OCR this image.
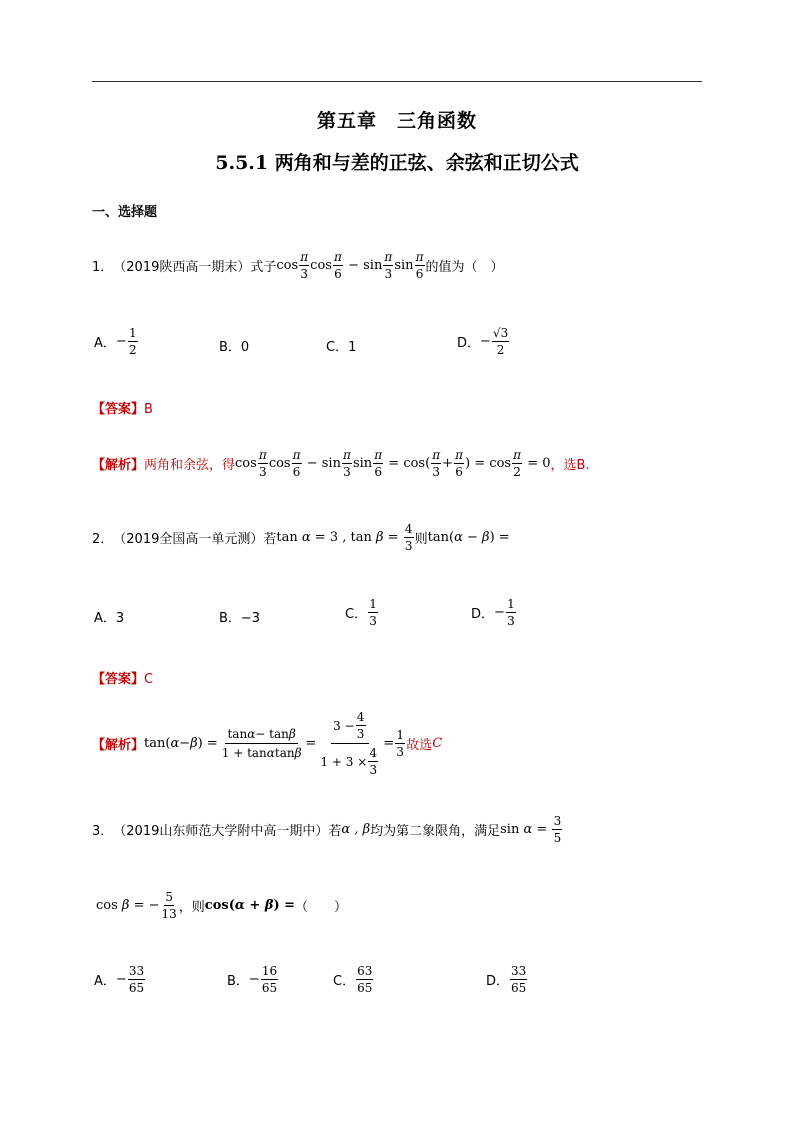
第五章　三角函数
5.5.1 两角和与差的正弦、余弦和正切公式
一、选择题
1． （2019陕西高一期末） 式子 $\cos \frac{\pi}{3}$ $\cos \frac{\pi}{6} - \sin \frac{\pi}{3}$ $\sin \frac{\pi}{6}$ 的值为（　）
A． − $\frac{1}{2}$	B．0	C．1	D． − $\frac{√3}{2}$
【答案】B
【解析】 两角和余弦，得 $\cos \frac{\pi}{3}$ $\cos \frac{\pi}{6} - \sin \frac{\pi}{3}$ $\sin \frac{\pi}{6} = \cos( \frac{\pi}{3} + \frac{\pi}{6}$ ) = $\cos \frac{\pi}{2} = 0$ ，选B.
2． （2019全国高一单元测） 若 tan α = 3 , $\tan \beta = \frac{4}{3}$ 则 tan(α − β) =
A．3	B．−3	C． $\frac{1}{3}$	D． − $\frac{1}{3}$
【答案】C
【解析】 tan( α − β ) = $\frac{\text{tan α − tan β}}{\text{1 + tan α tan β}} = \frac{3 - \frac{4}{3}}{1 + 3 \times \frac{4}{3}} = \frac{1}{3}$ 故选 C
3． （2019山东师范大学附中高一期中） 若 α , β 均为第二象限角，满足 $\sin \alpha = \frac{3}{5}$
cos β = − $\frac{5}{13}$ ，则 cos(α + β) = （　　）
A． − $\frac{33}{65}$	B． − $\frac{16}{65}$	C． $\frac{63}{65}$	D． $\frac{33}{65}$
